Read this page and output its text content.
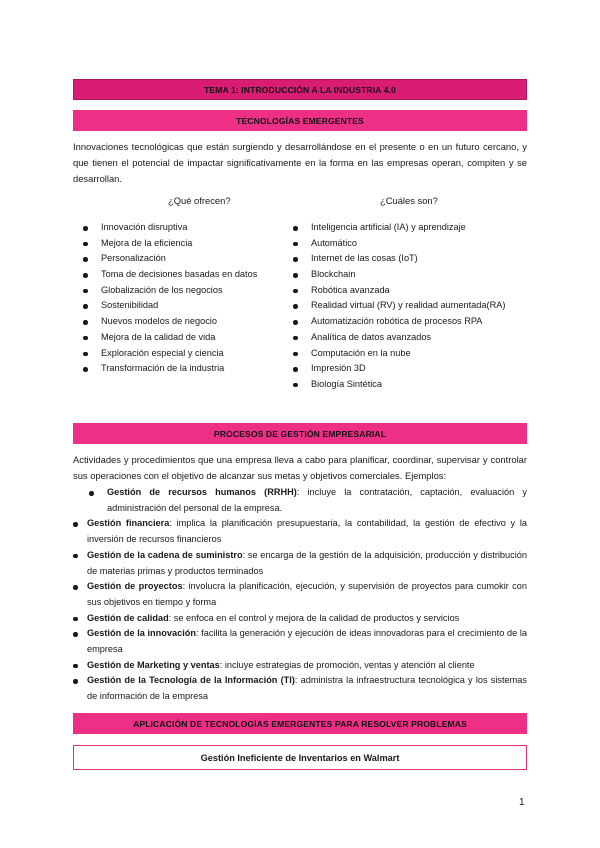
TEMA 1: INTRODUCCIÓN A LA INDUSTRIA 4.0
TECNOLOGÍAS EMERGENTES
Innovaciones tecnológicas que están surgiendo y desarrollándose en el presente o en un futuro cercano, y que tienen el potencial de impactar significativamente en la forma en las empresas operan, compiten y se desarrollan.
¿Qué ofrecen?	¿Cuáles son?
Innovación disruptiva
Mejora de la eficiencia
Personalización
Toma de decisiones basadas en datos
Globalización de los negocios
Sostenibilidad
Nuevos modelos de negocio
Mejora de la calidad de vida
Exploración especial y ciencia
Transformación de la industria
Inteligencia artificial (IA) y aprendizaje
Automático
Internet de las cosas (IoT)
Blockchain
Robótica avanzada
Realidad virtual (RV) y realidad aumentada(RA)
Automatización robótica de procesos RPA
Analítica de datos avanzados
Computación en la nube
Impresión 3D
Biología Sintética
PROCESOS DE GESTIÓN EMPRESARIAL
Actividades y procedimientos que una empresa lleva a cabo para planificar, coordinar, supervisar y controlar sus operaciones con el objetivo de alcanzar sus metas y objetivos comerciales. Ejemplos:
Gestión de recursos humanos (RRHH): incluye la contratación, captación, evaluación y administración del personal de la empresa.
Gestión financiera: implica la planificación presupuestaria, la contabilidad, la gestión de efectivo y la inversión de recursos financieros
Gestión de la cadena de suministro: se encarga de la gestión de la adquisición, producción y distribución de materias primas y productos terminados
Gestión de proyectos: involucra la planificación, ejecución, y supervisión de proyectos para cumokir con sus objetivos en tiempo y forma
Gestión de calidad: se enfoca en el control y mejora de la calidad de productos y servicios
Gestión de la innovación: facilita la generación y ejecución de ideas innovadoras para el crecimiento de la empresa
Gestión de Marketing y ventas: incluye estrategias de promoción, ventas y atención al cliente
Gestión de la Tecnología de la Información (TI): administra la infraestructura tecnológica y los sistemas de información de la empresa
APLICACIÓN DE TECNOLOGÍAS EMERGENTES PARA RESOLVER PROBLEMAS
Gestión Ineficiente de Inventarios en Walmart
1
